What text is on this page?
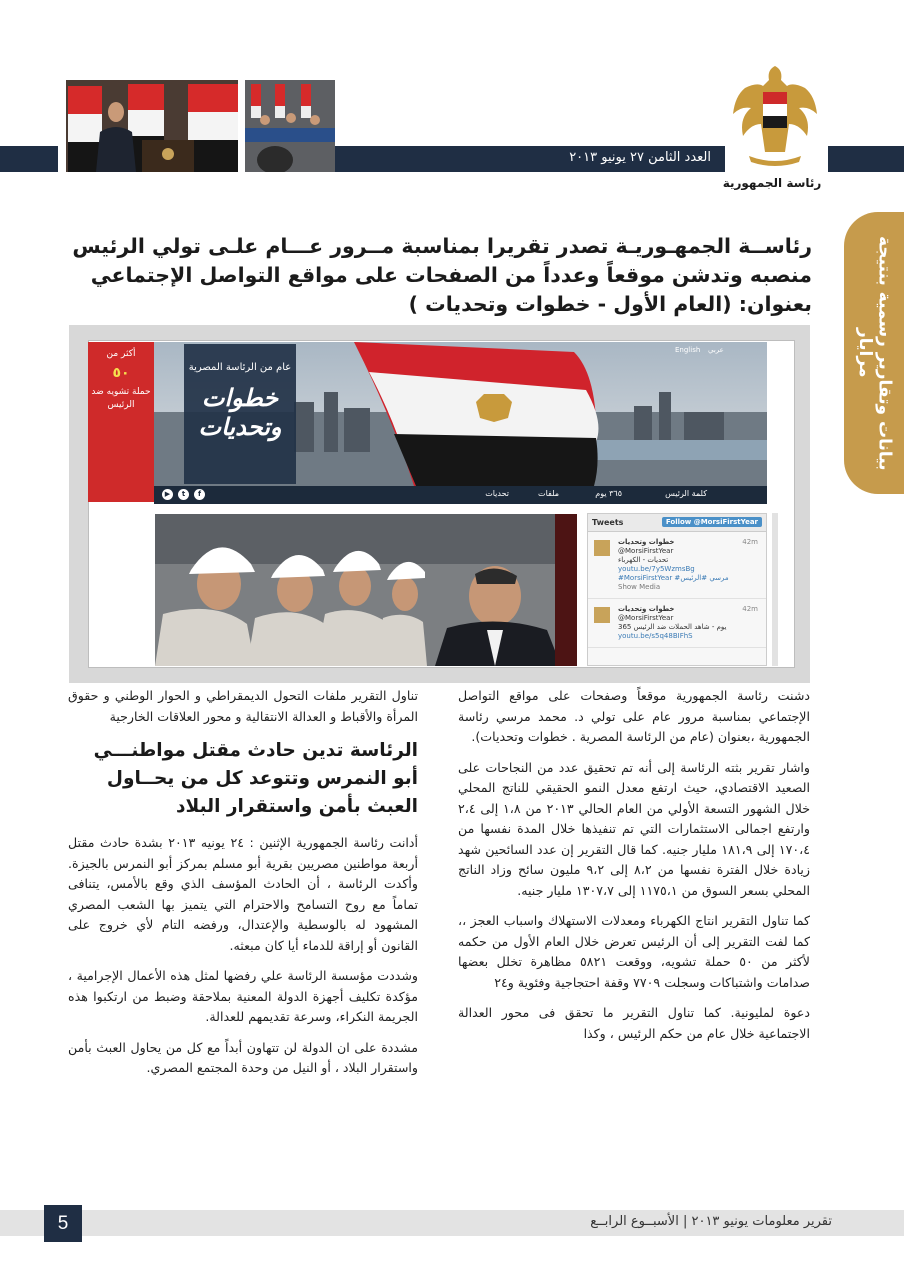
العدد الثامن ٢٧ يونيو ٢٠١٣
رئاسة الجمهورية
بيانات وتقارير رسمية بنتيجة مرايار
رئاســة الجمهـوريـة تصدر تقريرا بمناسبة مــرور عـــام علـى تولي الرئيس
منصبه وتدشن موقعاً وعدداً من الصفحات على مواقع التواصل الإجتماعي
بعنوان: (العام الأول - خطوات وتحديات )
أكثر من
٥٠
حملة تشويه ضد الرئيس
عام من الرئاسة المصرية
خطوات
وتحديات
عربي
English
كلمة الرئيس
٣٦٥ يوم
ملفات
تحديات
f
t
▶
Tweets	Follow @MorsiFirstYear
42m
خطوات وتحديات
@MorsiFirstYear
تحديات - الكهرباء
youtu.be/7y5WzmsBg
#MorsiFirstYear #مرسي #الرئيس
Show Media
42m
خطوات وتحديات
@MorsiFirstYear
يوم - شاهد الحملات ضد الرئيس 365
youtu.be/s5q48BIFhS

دشنت رئاسة الجمهورية موقعاً وصفحات على مواقع التواصل الإجتماعي بمناسبة مرور عام على تولي د. محمد مرسي رئاسة الجمهورية ،بعنوان (عام من الرئاسة المصرية . خطوات وتحديات).

واشار تقرير بثته الرئاسة إلى أنه تم تحقيق عدد من النجاحات على الصعيد الاقتصادي، حيث ارتفع معدل النمو الحقيقي للناتج المحلي خلال الشهور التسعة الأولي من العام الحالي ٢٠١٣ من ١،٨ إلى ٢،٤ وارتفع اجمالى الاستثمارات التي تم تنفيذها خلال المدة نفسها من ١٧٠،٤ إلى ١٨١،٩ مليار جنيه. كما قال التقرير إن عدد السائحين شهد زيادة خلال الفترة نفسها من ٨،٢ إلى ٩،٢ مليون سائح وزاد الناتج المحلي بسعر السوق من ١١٧٥،١ إلى ١٣٠٧،٧ مليار جنيه.

كما تناول التقرير انتاج الكهرباء ومعدلات الاستهلاك واسباب العجز ،، كما لفت التقرير إلى أن الرئيس تعرض خلال العام الأول من حكمه لأكثر من ٥٠ حملة تشويه، ووقعت ٥٨٢١ مظاهرة تخلل بعضها صدامات واشتباكات وسجلت ٧٧٠٩ وقفة احتجاجية وفئوية و٢٤

دعوة لمليونية. كما تناول التقرير ما تحقق فى محور العدالة الاجتماعية خلال عام من حكم الرئيس ، وكذا

تناول التقرير ملفات التحول الديمقراطي و الحوار الوطني و حقوق المرأة والأقباط و العدالة الانتقالية و محور العلاقات الخارجية

الرئاسة تدين حادث مقتل مواطنـــي أبو النمرس وتتوعد كل من يحــاول العبث بأمن واستقرار البلاد

أدانت رئاسة الجمهورية الإثنين : ٢٤ يونيه ٢٠١٣ بشدة حادث مقتل أربعة مواطنين مصريين بقرية أبو مسلم بمركز أبو النمرس بالجيزة. وأكدت الرئاسة ، أن الحادث المؤسف الذي وقع بالأمس، يتنافى تماماً مع روح التسامح والاحترام التي يتميز بها الشعب المصري المشهود له بالوسطية والإعتدال، ورفضه التام لأي خروج على القانون أو إراقة للدماء أيا كان مبعثه.

وشددت مؤسسة الرئاسة علي رفضها لمثل هذه الأعمال الإجرامية ، مؤكدة تكليف أجهزة الدولة المعنية بملاحقة وضبط من ارتكبوا هذه الجريمة النكراء، وسرعة تقديمهم للعدالة.

مشددة على ان الدولة لن تتهاون أبداً مع كل من يحاول العبث بأمن واستقرار البلاد ، أو النيل من وحدة المجتمع المصري.

5	تقرير معلومات يونيو ٢٠١٣ | الأسبــوع الرابــع
